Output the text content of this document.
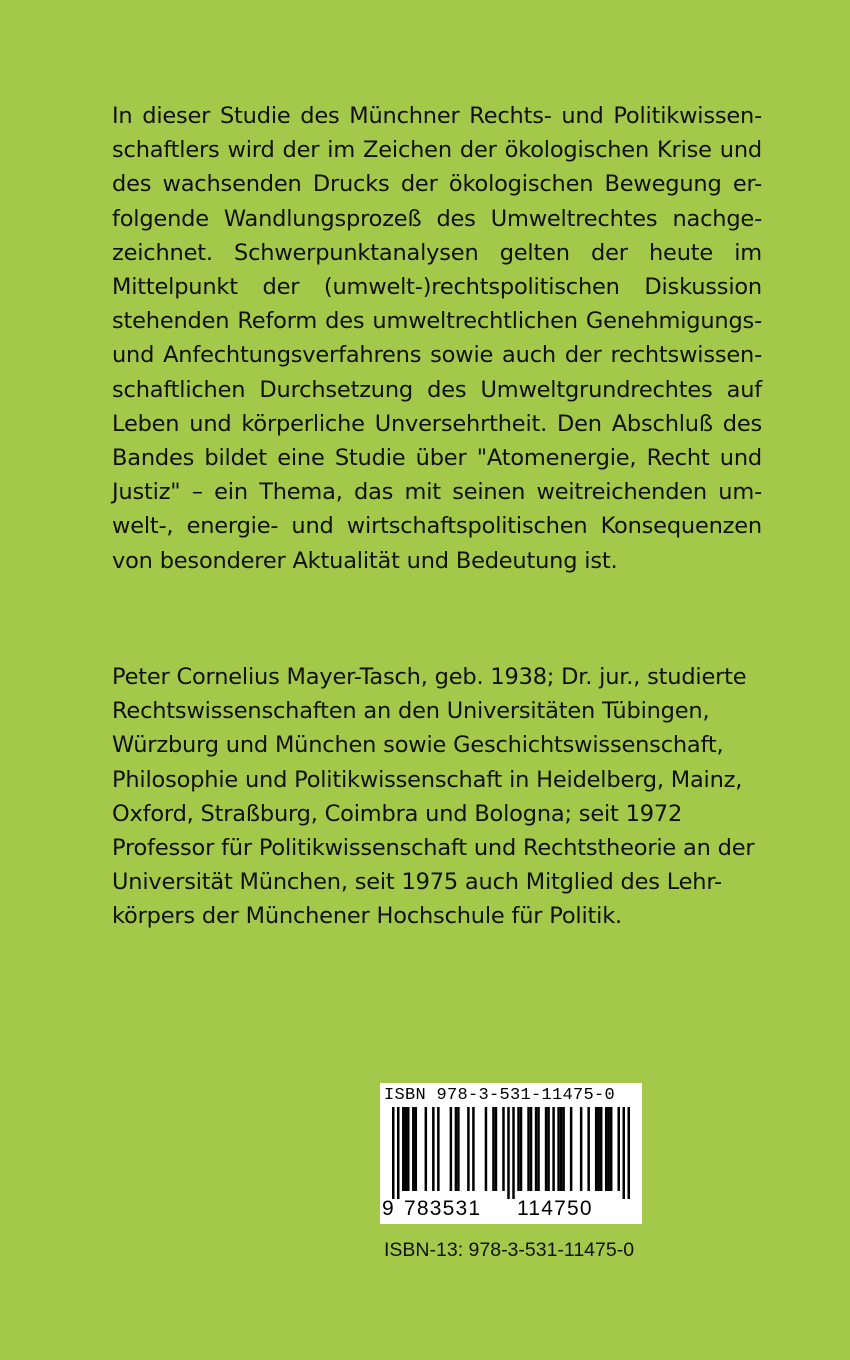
In dieser Studie des Münchner Rechts- und Politikwissen-
schaftlers wird der im Zeichen der ökologischen Krise und
des wachsenden Drucks der ökologischen Bewegung er-
folgende Wandlungsprozeß des Umweltrechtes nachge-
zeichnet. Schwerpunktanalysen gelten der heute im
Mittelpunkt der (umwelt-)rechtspolitischen Diskussion
stehenden Reform des umweltrechtlichen Genehmigungs-
und Anfechtungsverfahrens sowie auch der rechtswissen-
schaftlichen Durchsetzung des Umweltgrundrechtes auf
Leben und körperliche Unversehrtheit. Den Abschluß des
Bandes bildet eine Studie über "Atomenergie, Recht und
Justiz" – ein Thema, das mit seinen weitreichenden um-
welt-, energie- und wirtschaftspolitischen Konsequenzen
von besonderer Aktualität und Bedeutung ist.
Peter Cornelius Mayer-Tasch, geb. 1938; Dr. jur., studierte
Rechtswissenschaften an den Universitäten Tübingen,
Würzburg und München sowie Geschichtswissenschaft,
Philosophie und Politikwissenschaft in Heidelberg, Mainz,
Oxford, Straßburg, Coimbra und Bologna; seit 1972
Professor für Politikwissenschaft und Rechtstheorie an der
Universität München, seit 1975 auch Mitglied des Lehr-
körpers der Münchener Hochschule für Politik.
ISBN 978-3-531-11475-0
9 783531 114750
ISBN-13: 978-3-531-11475-0
